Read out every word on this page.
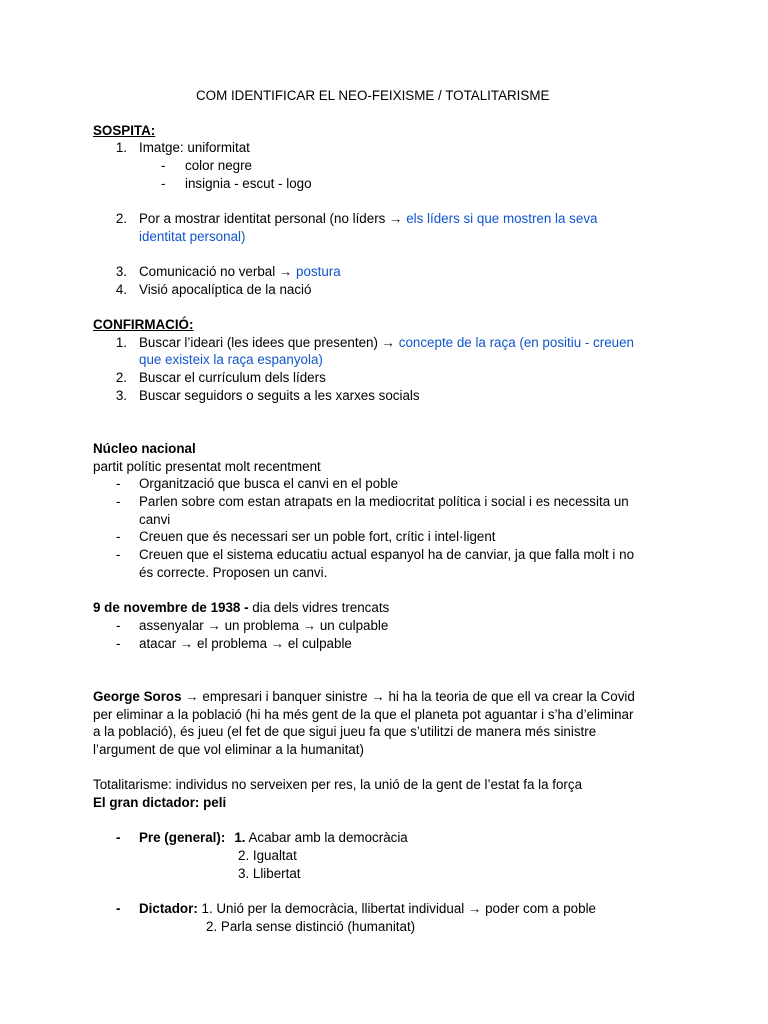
COM IDENTIFICAR EL NEO-FEIXISME / TOTALITARISME
SOSPITA:
1. Imatge: uniformitat
- color negre
- insignia - escut - logo
2. Por a mostrar identitat personal (no líders → els líders si que mostren la seva
identitat personal)
3. Comunicació no verbal → postura
4. Visió apocalíptica de la nació
CONFIRMACIÓ:
1. Buscar l’ideari (les idees que presenten) → concepte de la raça (en positiu - creuen
que existeix la raça espanyola)
2. Buscar el currículum dels líders
3. Buscar seguidors o seguits a les xarxes socials
Núcleo nacional
partit polític presentat molt recentment
- Organització que busca el canvi en el poble
- Parlen sobre com estan atrapats en la mediocritat política i social i es necessita un
canvi
- Creuen que és necessari ser un poble fort, crític i intel·ligent
- Creuen que el sistema educatiu actual espanyol ha de canviar, ja que falla molt i no
és correcte. Proposen un canvi.
9 de novembre de 1938 - dia dels vidres trencats
- assenyalar → un problema → un culpable
- atacar → el problema → el culpable
George Soros → empresari i banquer sinistre → hi ha la teoria de que ell va crear la Covid
per eliminar a la població (hi ha més gent de la que el planeta pot aguantar i s’ha d’eliminar
a la població), és jueu (el fet de que sigui jueu fa que s’utilitzi de manera més sinistre
l’argument de que vol eliminar a la humanitat)
Totalitarisme: individus no serveixen per res, la unió de la gent de l’estat fa la força
El gran dictador: peli
- Pre (general): 1. Acabar amb la democràcia
2. Igualtat
3. Llibertat
- Dictador: 1. Unió per la democràcia, llibertat individual → poder com a poble
2. Parla sense distinció (humanitat)
